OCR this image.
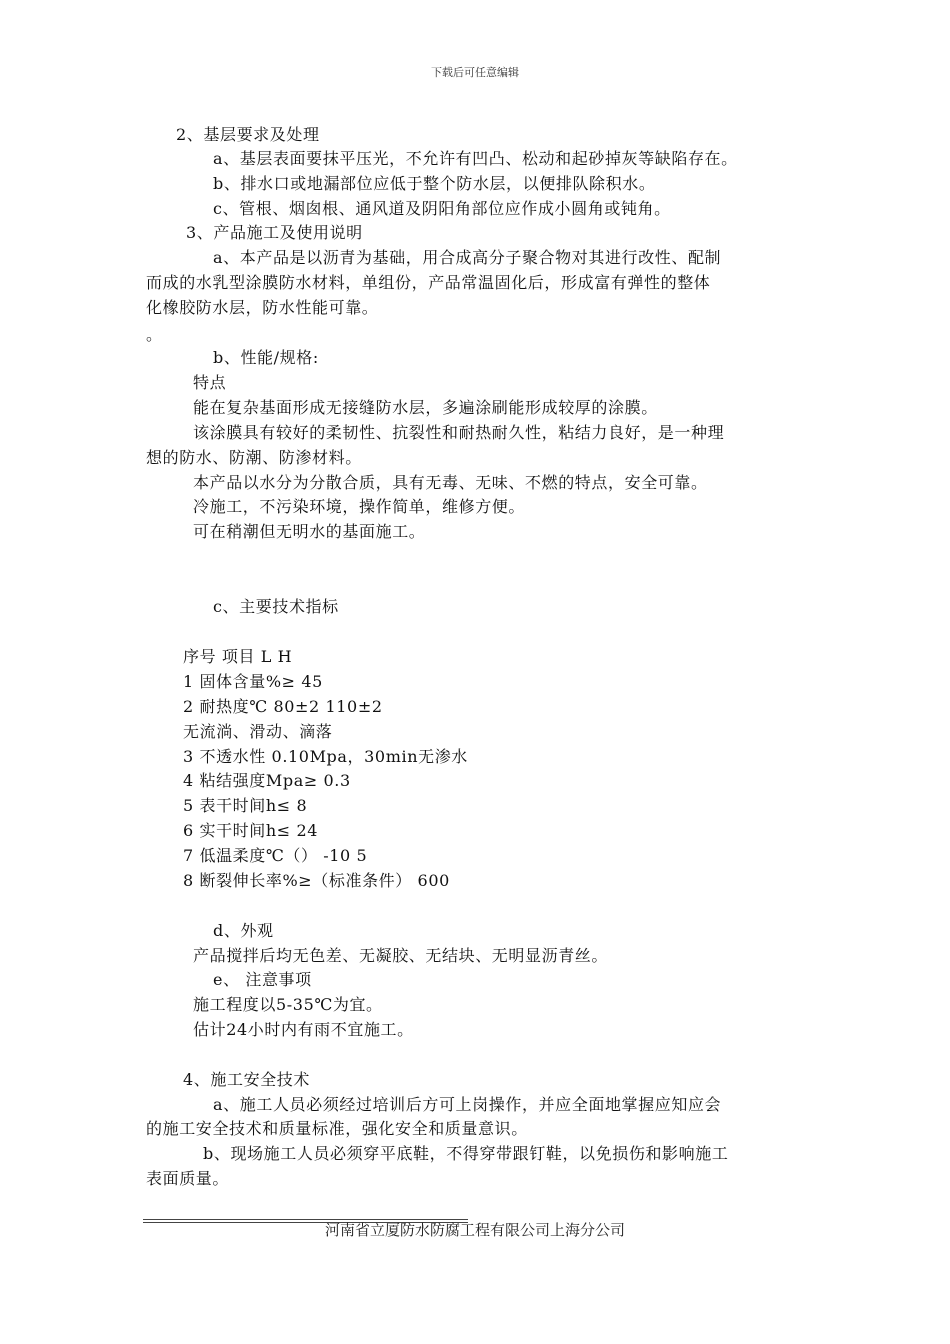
下载后可任意编辑

2、基层要求及处理

a、基层表面要抹平压光，不允许有凹凸、松动和起砂掉灰等缺陷存在。

b、排水口或地漏部位应低于整个防水层，以便排队除积水。

c、管根、烟囱根、通风道及阴阳角部位应作成小圆角或钝角。

3、产品施工及使用说明

a、本产品是以沥青为基础，用合成高分子聚合物对其进行改性、配制

而成的水乳型涂膜防水材料，单组份，产品常温固化后，形成富有弹性的整体

化橡胶防水层，防水性能可靠。

。

b、性能/规格:

特点

能在复杂基面形成无接缝防水层，多遍涂刷能形成较厚的涂膜。

该涂膜具有较好的柔韧性、抗裂性和耐热耐久性，粘结力良好，是一种理

想的防水、防潮、防渗材料。

本产品以水分为分散合质，具有无毒、无味、不燃的特点，安全可靠。

冷施工，不污染环境，操作简单，维修方便。

可在稍潮但无明水的基面施工。

c、主要技术指标

序号 项目 L H

1 固体含量%≥ 45

2 耐热度℃ 80±2 110±2

无流淌、滑动、滴落

3 不透水性 0.10Mpa，30min无渗水

4 粘结强度Mpa≥ 0.3

5 表干时间h≤ 8

6 实干时间h≤ 24

7 低温柔度℃（） -10 5

8 断裂伸长率%≥（标准条件） 600

d、外观

产品搅拌后均无色差、无凝胶、无结块、无明显沥青丝。

e、 注意事项

施工程度以5-35℃为宜。

估计24小时内有雨不宜施工。

4、施工安全技术

a、施工人员必须经过培训后方可上岗操作，并应全面地掌握应知应会

的施工安全技术和质量标准，强化安全和质量意识。

b、现场施工人员必须穿平底鞋，不得穿带跟钉鞋，以免损伤和影响施工

表面质量。

河南省立厦防水防腐工程有限公司上海分公司
